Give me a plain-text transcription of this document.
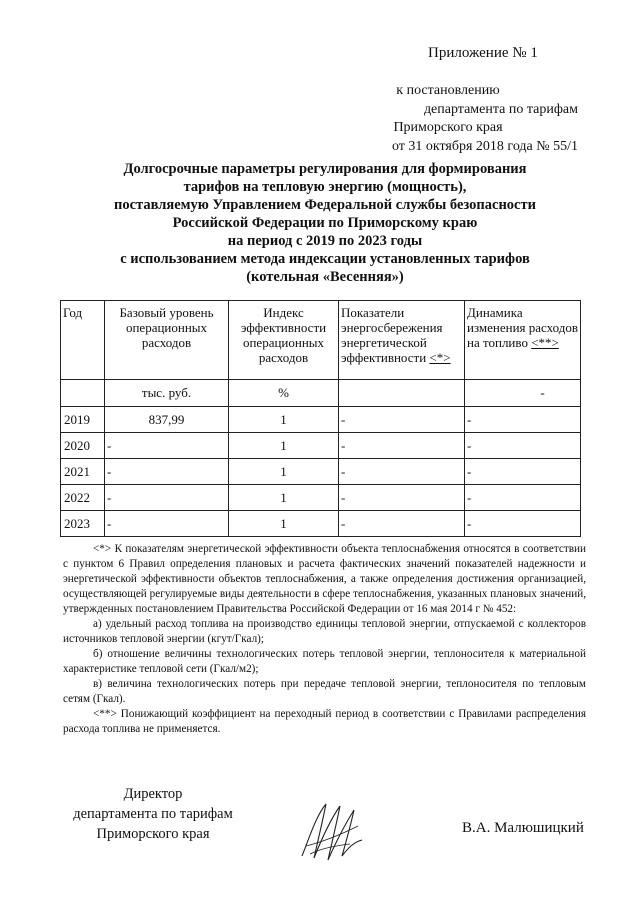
Приложение № 1
к постановлению
департамента по тарифам
Приморского края
от 31 октября 2018 года № 55/1
Долгосрочные параметры регулирования для формирования
тарифов на тепловую энергию (мощность),
поставляемую Управлением Федеральной службы безопасности
Российской Федерации по Приморскому краю
на период с 2019 по 2023 годы
с использованием метода индексации установленных тарифов
(котельная «Весенняя»)
Год	Базовый уровень операционных расходов	Индекс эффективности операционных расходов	Показатели энергосбережения энергетической эффективности <*>	Динамика изменения расходов на топливо <**>
	тыс. руб.	%		-
2019	837,99	1	-	-
2020	-	1	-	-
2021	-	1	-	-
2022	-	1	-	-
2023	-	1	-	-

<*> К показателям энергетической эффективности объекта теплоснабжения относятся в соответствии с пунктом 6 Правил определения плановых и расчета фактических значений показателей надежности и энергетической эффективности объектов теплоснабжения, а также определения достижения организацией, осуществляющей регулируемые виды деятельности в сфере теплоснабжения, указанных плановых значений, утвержденных постановлением Правительства Российской Федерации от 16 мая 2014 г № 452:

а) удельный расход топлива на производство единицы тепловой энергии, отпускаемой с коллекторов источников тепловой энергии (кгут/Гкал);

б) отношение величины технологических потерь тепловой энергии, теплоносителя к материальной характеристике тепловой сети (Гкал/м2);

в) величина технологических потерь при передаче тепловой энергии, теплоносителя по тепловым сетям (Гкал).

<**> Понижающий коэффициент на переходный период в соответствии с Правилами распределения расхода топлива не применяется.

Директор
департамента по тарифам
Приморского края	В.А. Малюшицкий
